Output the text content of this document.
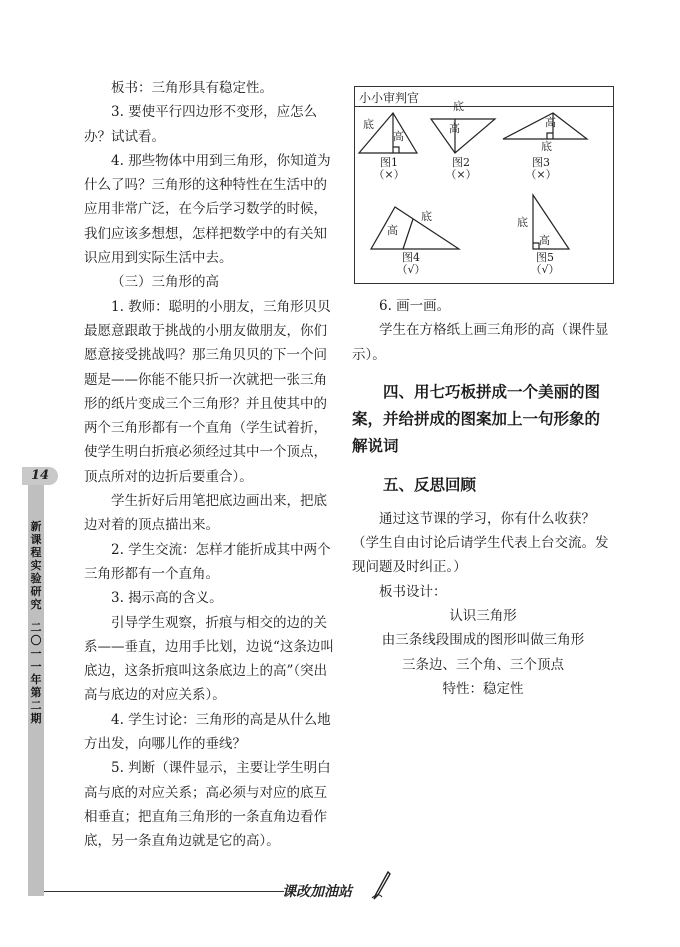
板书：三角形具有稳定性。

3. 要使平行四边形不变形，应怎么办？试试看。

4. 那些物体中用到三角形，你知道为什么了吗？三角形的这种特性在生活中的应用非常广泛，在今后学习数学的时候，我们应该多想想，怎样把数学中的有关知识应用到实际生活中去。

（三）三角形的高

1. 教师：聪明的小朋友，三角形贝贝最愿意跟敢于挑战的小朋友做朋友，你们愿意接受挑战吗？那三角贝贝的下一个问题是——你能不能只折一次就把一张三角形的纸片变成三个三角形？并且使其中的两个三角形都有一个直角（学生试着折，使学生明白折痕必须经过其中一个顶点，顶点所对的边折后要重合）。

学生折好后用笔把底边画出来，把底边对着的顶点描出来。

2. 学生交流：怎样才能折成其中两个三角形都有一个直角。

3. 揭示高的含义。

引导学生观察，折痕与相交的边的关系——垂直，边用手比划，边说“这条边叫底边，这条折痕叫这条底边上的高”（突出高与底边的对应关系）。

4. 学生讨论：三角形的高是从什么地方出发，向哪儿作的垂线？

5. 判断（课件显示，主要让学生明白高与底的对应关系；高必须与对应的底互相垂直；把直角三角形的一条直角边看作底，另一条直角边就是它的高）。

小小审判官
底
高
底
高	高
底
底
高
底
高
图1
（×）
图2
（×）
图3
（×）
图4
（√）
图5
（√）

6. 画一画。

学生在方格纸上画三角形的高（课件显示）。

四、用七巧板拼成一个美丽的图案，并给拼成的图案加上一句形象的解说词

五、反思回顾

通过这节课的学习，你有什么收获？（学生自由讨论后请学生代表上台交流。发现问题及时纠正。）

板书设计：

认识三角形

由三条线段围成的图形叫做三角形

三条边、三个角、三个顶点

特性：稳定性

14
新
课
程
实
验
研
究
二
〇
一
一
年
第
二
期
课改加油站
